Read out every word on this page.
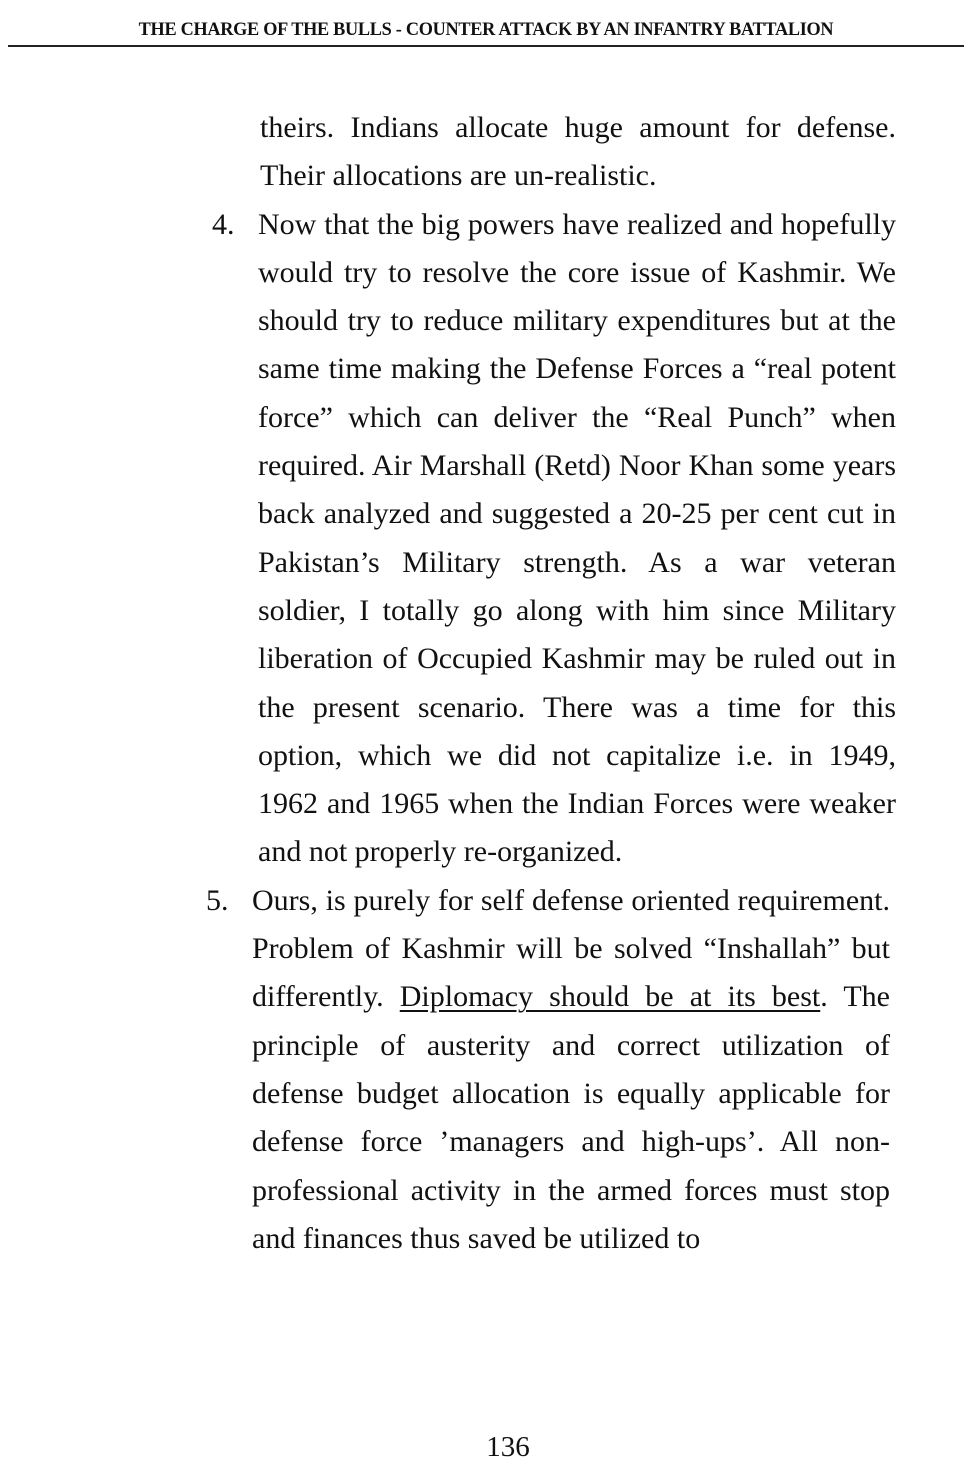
THE CHARGE OF THE BULLS - COUNTER ATTACK BY AN INFANTRY BATTALION

theirs. Indians allocate huge amount for defense. Their allocations are un-realistic.

4. Now that the big powers have realized and hopefully would try to resolve the core issue of Kashmir. We should try to reduce military expenditures but at the same time making the Defense Forces a “real potent force” which can deliver the “Real Punch” when required. Air Marshall (Retd) Noor Khan some years back analyzed and suggested a 20-25 per cent cut in Pakistan’s Military strength. As a war veteran soldier, I totally go along with him since Military liberation of Occupied Kashmir may be ruled out in the present scenario. There was a time for this option, which we did not capitalize i.e. in 1949, 1962 and 1965 when the Indian Forces were weaker and not properly re-organized.
5. Ours, is purely for self defense oriented requirement. Problem of Kashmir will be solved “Inshallah” but differently. Diplomacy should be at its best. The principle of austerity and correct utilization of defense budget allocation is equally applicable for defense force ’managers and high-ups’. All non-professional activity in the armed forces must stop and finances thus saved be utilized to
136
